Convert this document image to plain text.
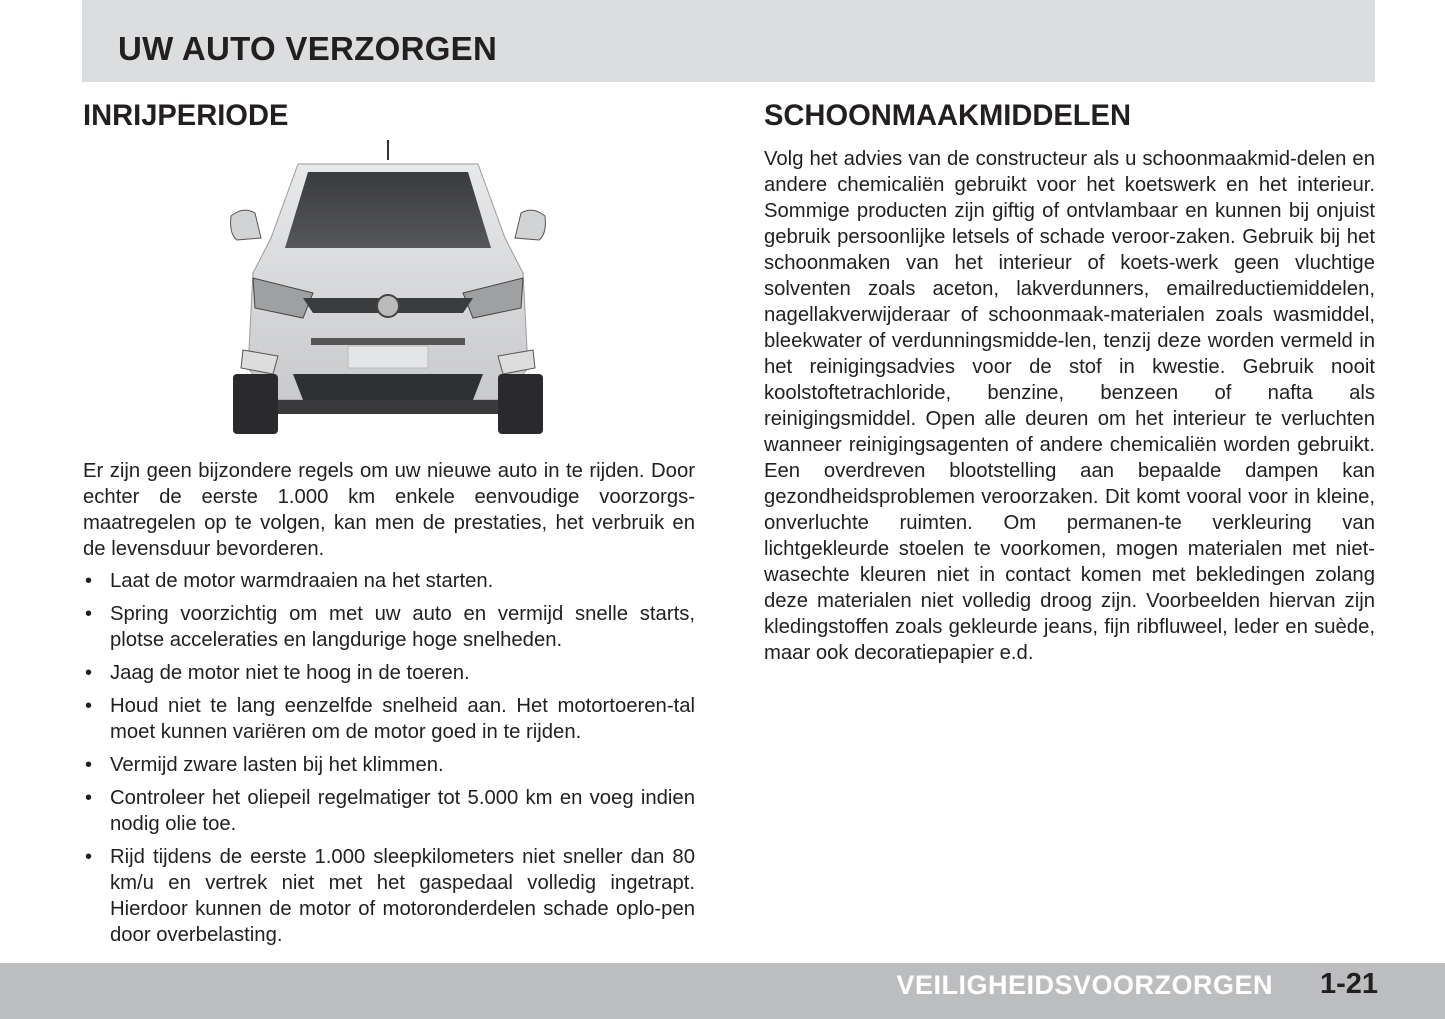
UW AUTO VERZORGEN
INRIJPERIODE

Er zijn geen bijzondere regels om uw nieuwe auto in te rijden. Door echter de eerste 1.000 km enkele eenvoudige voorzorgs-maatregelen op te volgen, kan men de prestaties, het verbruik en de levensduur bevorderen.

• Laat de motor warmdraaien na het starten.
• Spring voorzichtig om met uw auto en vermijd snelle starts, plotse acceleraties en langdurige hoge snelheden.
• Jaag de motor niet te hoog in de toeren.
• Houd niet te lang eenzelfde snelheid aan. Het motortoeren-tal moet kunnen variëren om de motor goed in te rijden.
• Vermijd zware lasten bij het klimmen.
• Controleer het oliepeil regelmatiger tot 5.000 km en voeg indien nodig olie toe.
• Rijd tijdens de eerste 1.000 sleepkilometers niet sneller dan 80 km/u en vertrek niet met het gaspedaal volledig ingetrapt. Hierdoor kunnen de motor of motoronderdelen schade oplo-pen door overbelasting.
SCHOONMAAKMIDDELEN

Volg het advies van de constructeur als u schoonmaakmid-delen en andere chemicaliën gebruikt voor het koetswerk en het interieur. Sommige producten zijn giftig of ontvlambaar en kunnen bij onjuist gebruik persoonlijke letsels of schade veroor-zaken. Gebruik bij het schoonmaken van het interieur of koets-werk geen vluchtige solventen zoals aceton, lakverdunners, emailreductiemiddelen, nagellakverwijderaar of schoonmaak-materialen zoals wasmiddel, bleekwater of verdunningsmidde-len, tenzij deze worden vermeld in het reinigingsadvies voor de stof in kwestie. Gebruik nooit koolstoftetrachloride, benzine, benzeen of nafta als reinigingsmiddel. Open alle deuren om het interieur te verluchten wanneer reinigingsagenten of andere chemicaliën worden gebruikt. Een overdreven blootstelling aan bepaalde dampen kan gezondheidsproblemen veroorzaken. Dit komt vooral voor in kleine, onverluchte ruimten. Om permanen-te verkleuring van lichtgekleurde stoelen te voorkomen, mogen materialen met niet-wasechte kleuren niet in contact komen met bekledingen zolang deze materialen niet volledig droog zijn. Voorbeelden hiervan zijn kledingstoffen zoals gekleurde jeans, fijn ribfluweel, leder en suède, maar ook decoratiepapier e.d.

VEILIGHEIDSVOORZORGEN 1-21
